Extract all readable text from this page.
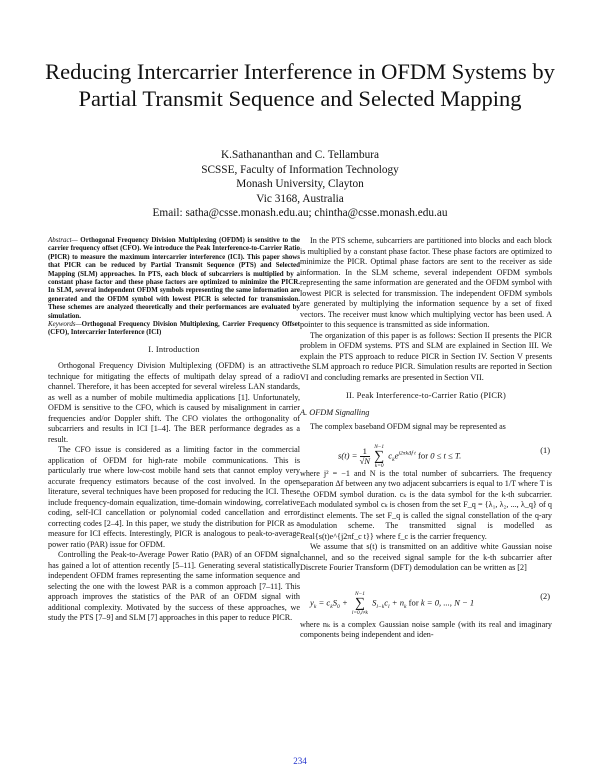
Reducing Intercarrier Interference in OFDM Systems by Partial Transmit Sequence and Selected Mapping
K.Sathananthan and C. Tellambura
SCSSE, Faculty of Information Technology
Monash University, Clayton
Vic 3168, Australia
Email: satha@csse.monash.edu.au; chintha@csse.monash.edu.au

Abstract— Orthogonal Frequency Division Multiplexing (OFDM) is sensitive to the carrier frequency offset (CFO). We introduce the Peak Interference-to-Carrier Ratio (PICR) to measure the maximum intercarrier interference (ICI). This paper shows that PICR can be reduced by Partial Transmit Sequence (PTS) and Selected Mapping (SLM) approaches. In PTS, each block of subcarriers is multiplied by a constant phase factor and these phase factors are optimized to minimize the PICR. In SLM, several independent OFDM symbols representing the same information are generated and the OFDM symbol with lowest PICR is selected for transmission. These schemes are analyzed theoretically and their performances are evaluated by simulation.

Keywords—Orthogonal Frequency Division Multiplexing, Carrier Frequency Offset (CFO), Intercarrier Interference (ICI)

I. Introduction

Orthogonal Frequency Division Multiplexing (OFDM) is an attractive technique for mitigating the effects of multipath delay spread of a radio channel. Therefore, it has been accepted for several wireless LAN standards, as well as a number of mobile multimedia applications [1]. Unfortunately, OFDM is sensitive to the CFO, which is caused by misalignment in carrier frequencies and/or Doppler shift. The CFO violates the orthogonality of subcarriers and results in ICI [1–4]. The BER performance degrades as a result.

The CFO issue is considered as a limiting factor in the commercial application of OFDM for high-rate mobile communications. This is particularly true where low-cost mobile hand sets that cannot employ very accurate frequency estimators because of the cost involved. In the open literature, several techniques have been proposed for reducing the ICI. These include frequency-domain equalization, time-domain windowing, correlative coding, self-ICI cancellation or polynomial coded cancellation and error correcting codes [2–4]. In this paper, we study the distribution for PICR as a measure for ICI effects. Interestingly, PICR is analogous to peak-to-average power ratio (PAR) issue for OFDM.

Controlling the Peak-to-Average Power Ratio (PAR) of an OFDM signal has gained a lot of attention recently [5–11]. Generating several statistically independent OFDM frames representing the same information sequence and selecting the one with the lowest PAR is a common approach [7–11]. This approach improves the statistics of the PAR of an OFDM signal with additional complexity. Motivated by the success of these approaches, we study the PTS [7–9] and SLM [7] approaches in this paper to reduce PICR.

In the PTS scheme, subcarriers are partitioned into blocks and each block is multiplied by a constant phase factor. These phase factors are optimized to minimize the PICR. Optimal phase factors are sent to the receiver as side information. In the SLM scheme, several independent OFDM symbols representing the same information are generated and the OFDM symbol with lowest PICR is selected for transmission. The independent OFDM symbols are generated by multiplying the information sequence by a set of fixed vectors. The receiver must know which multiplying vector has been used. A pointer to this sequence is transmitted as side information.

The organization of this paper is as follows: Section II presents the PICR problem in OFDM systems. PTS and SLM are explained in Section III. We explain the PTS approach to reduce PICR in Section IV. Section V presents the SLM approach ro reduce PICR. Simulation results are reported in Section VI and concluding remarks are presented in Section VII.

II. Peak Interference-to-Carrier Ratio (PICR)
A. OFDM Signalling

The complex baseband OFDM signal may be represented as

$s(t) = \frac{1}{√N}$
N−1
∑
k=0
$c_ke^{j2\pi k\Delta f t}$ for 0 ≤ t ≤ T.	(1)

where j² = −1 and N is the total number of subcarriers. The frequency separation Δf between any two adjacent subcarriers is equal to 1/T where T is the OFDM symbol duration. cₖ is the data symbol for the k-th subcarrier. Each modulated symbol cₖ is chosen from the set F_q = {λ₁, λ₂, ..., λ_q} of q distinct elements. The set F_q is called the signal constellation of the q-ary modulation scheme. The transmitted signal is modelled as Real{s(t)e^{j2πf_c t}} where f_c is the carrier frequency.

We assume that s(t) is transmitted on an additive white Gaussian noise channel, and so the received signal sample for the k-th subcarrier after Discrete Fourier Transform (DFT) demodulation can be written as [2]

$y_k = c_kS_0$ +
N−1
∑
l=0,l≠k
$S_{l-k}c_l + n_k$ for k = 0, ..., N − 1
(2)

where nₖ is a complex Gaussian noise sample (with its real and imaginary components being independent and iden-

234
